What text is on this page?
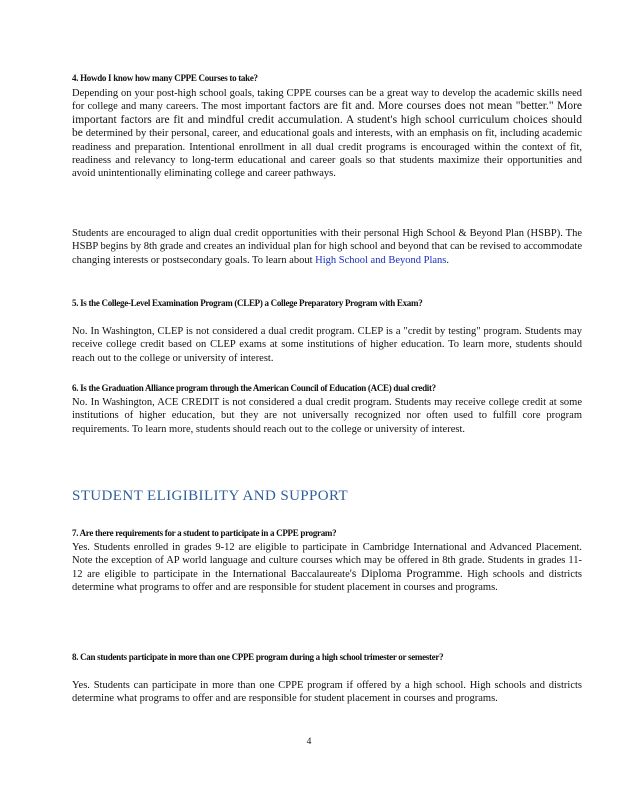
4. Howdo I know how many CPPE Courses to take?

Depending on your post-high school goals, taking CPPE courses can be a great way to develop the academic skills need for college and many careers. The most important factors are fit and. More courses does not mean "better." More important factors are fit and mindful credit accumulation. A student's high school curriculum choices should be determined by their personal, career, and educational goals and interests, with an emphasis on fit, including academic readiness and preparation. Intentional enrollment in all dual credit programs is encouraged within the context of fit, readiness and relevancy to long-term educational and career goals so that students maximize their opportunities and avoid unintentionally eliminating college and career pathways.

Students are encouraged to align dual credit opportunities with their personal High School & Beyond Plan (HSBP). The HSBP begins by 8th grade and creates an individual plan for high school and beyond that can be revised to accommodate changing interests or postsecondary goals. To learn about High School and Beyond Plans.

5. Is the College-Level Examination Program (CLEP) a College Preparatory Program with Exam?
No. In Washington, CLEP is not considered a dual credit program. CLEP is a "credit by testing" program. Students may receive college credit based on CLEP exams at some institutions of higher education. To learn more, students should reach out to the college or university of interest.
6. Is the Graduation Alliance program through the American Council of Education (ACE) dual credit?
No. In Washington, ACE CREDIT is not considered a dual credit program. Students may receive college credit at some institutions of higher education, but they are not universally recognized nor often used to fulfill core program requirements. To learn more, students should reach out to the college or university of interest.
STUDENT ELIGIBILITY AND SUPPORT
7. Are there requirements for a student to participate in a CPPE program?

Yes. Students enrolled in grades 9-12 are eligible to participate in Cambridge International and Advanced Placement. Note the exception of AP world language and culture courses which may be offered in 8th grade. Students in grades 11-12 are eligible to participate in the International Baccalaureate's Diploma Programme. High schools and districts determine what programs to offer and are responsible for student placement in courses and programs.

8. Can students participate in more than one CPPE program during a high school trimester or semester?
Yes. Students can participate in more than one CPPE program if offered by a high school. High schools and districts determine what programs to offer and are responsible for student placement in courses and programs.
4
